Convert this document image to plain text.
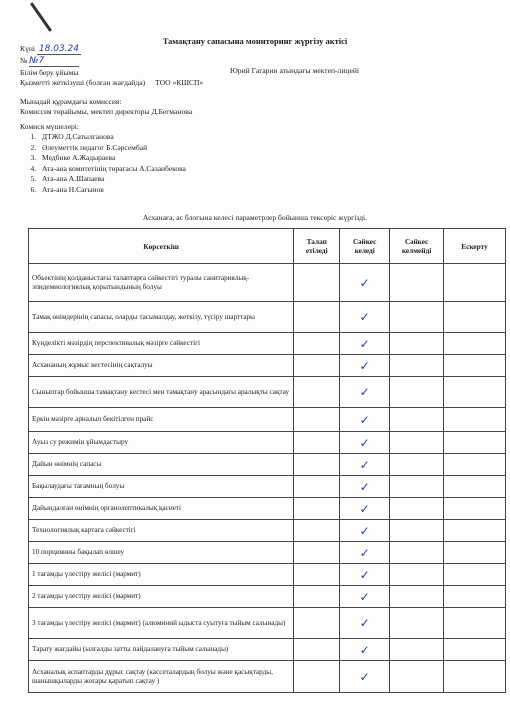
Тамақтану сапасына мониторинг жүргізу актісі
Күні 18.03.24
№ №7
Білім беру ұйымы	Юрий Гагарин атындағы мектеп-лицейі
Қызметті жеткізуші (болған жағдайда) ТОО «КШСП»
Мынадай құрамдағы комиссия:
Комиссия төрайымы, мектеп директоры Д.Бегманова
Комися мүшелері:
1. ДТЖО Д.Сатылганова
2. Әлеуметтік педагог Б.Сәрсембай
3. Медбике А.Жадыраева
4. Ата-ана комитетінің төрағасы А.Сазанбекова
5. Ата-ана А.Шапаева
6. Ата-ана Н.Сағынов
Асханаға, ас блогына келесі параметрлер бойынша тексеріс жүргізді.
Көрсеткіш	Талап етіледі	Сәйкес келеді	Сәйкес келмейді	Ескерту
Объектінің қолданыстағы талаптарға сәйкестігі туралы санитариялық-эпидемиологиялық қорытындының болуы		✓		
Тамақ өнімдерінің сапасы, оларды тасымалдау, жеткізу, түсіру шарттары		✓		
Күнделікті мәзірдің перспективалық мәзірге сәйкестігі		✓		
Асхананың жұмыс кестесінің сақталуы		✓		
Сыныптар бойынша тамақтану кестесі мен тамақтану арасындағы аралықты сақтау		✓		
Еркін мәзірге арналып бекітілген прайс		✓		
Ауыз су режимін ұйымдастыру		✓		
Дайын өнімнің сапасы		✓		
Бақылаудағы тағамның болуы		✓		
Дайындалған өнімнің органолептикалық қасиеті		✓		
Технологиялық картаға сәйкестігі		✓		
10 порциянны бақылап өлшеу		✓		
1 тағамды үлестіру желісі (мармит)		✓		
2 тағамды үлестіру желісі (мармит)		✓		
3 тағамды үлестіру желісі (мармит) (алюминий ыдыста суытуға тыйым салынады)		✓		
Тарату жағдайы (ылғалды затты пайдалануға тыйым салынады)		✓		
Асханалық аспаптарды дұрыс сақтау (кассеталардың болуы және қасықтарды, шанышқыларды жоғары қаратып сақтау )		✓		
